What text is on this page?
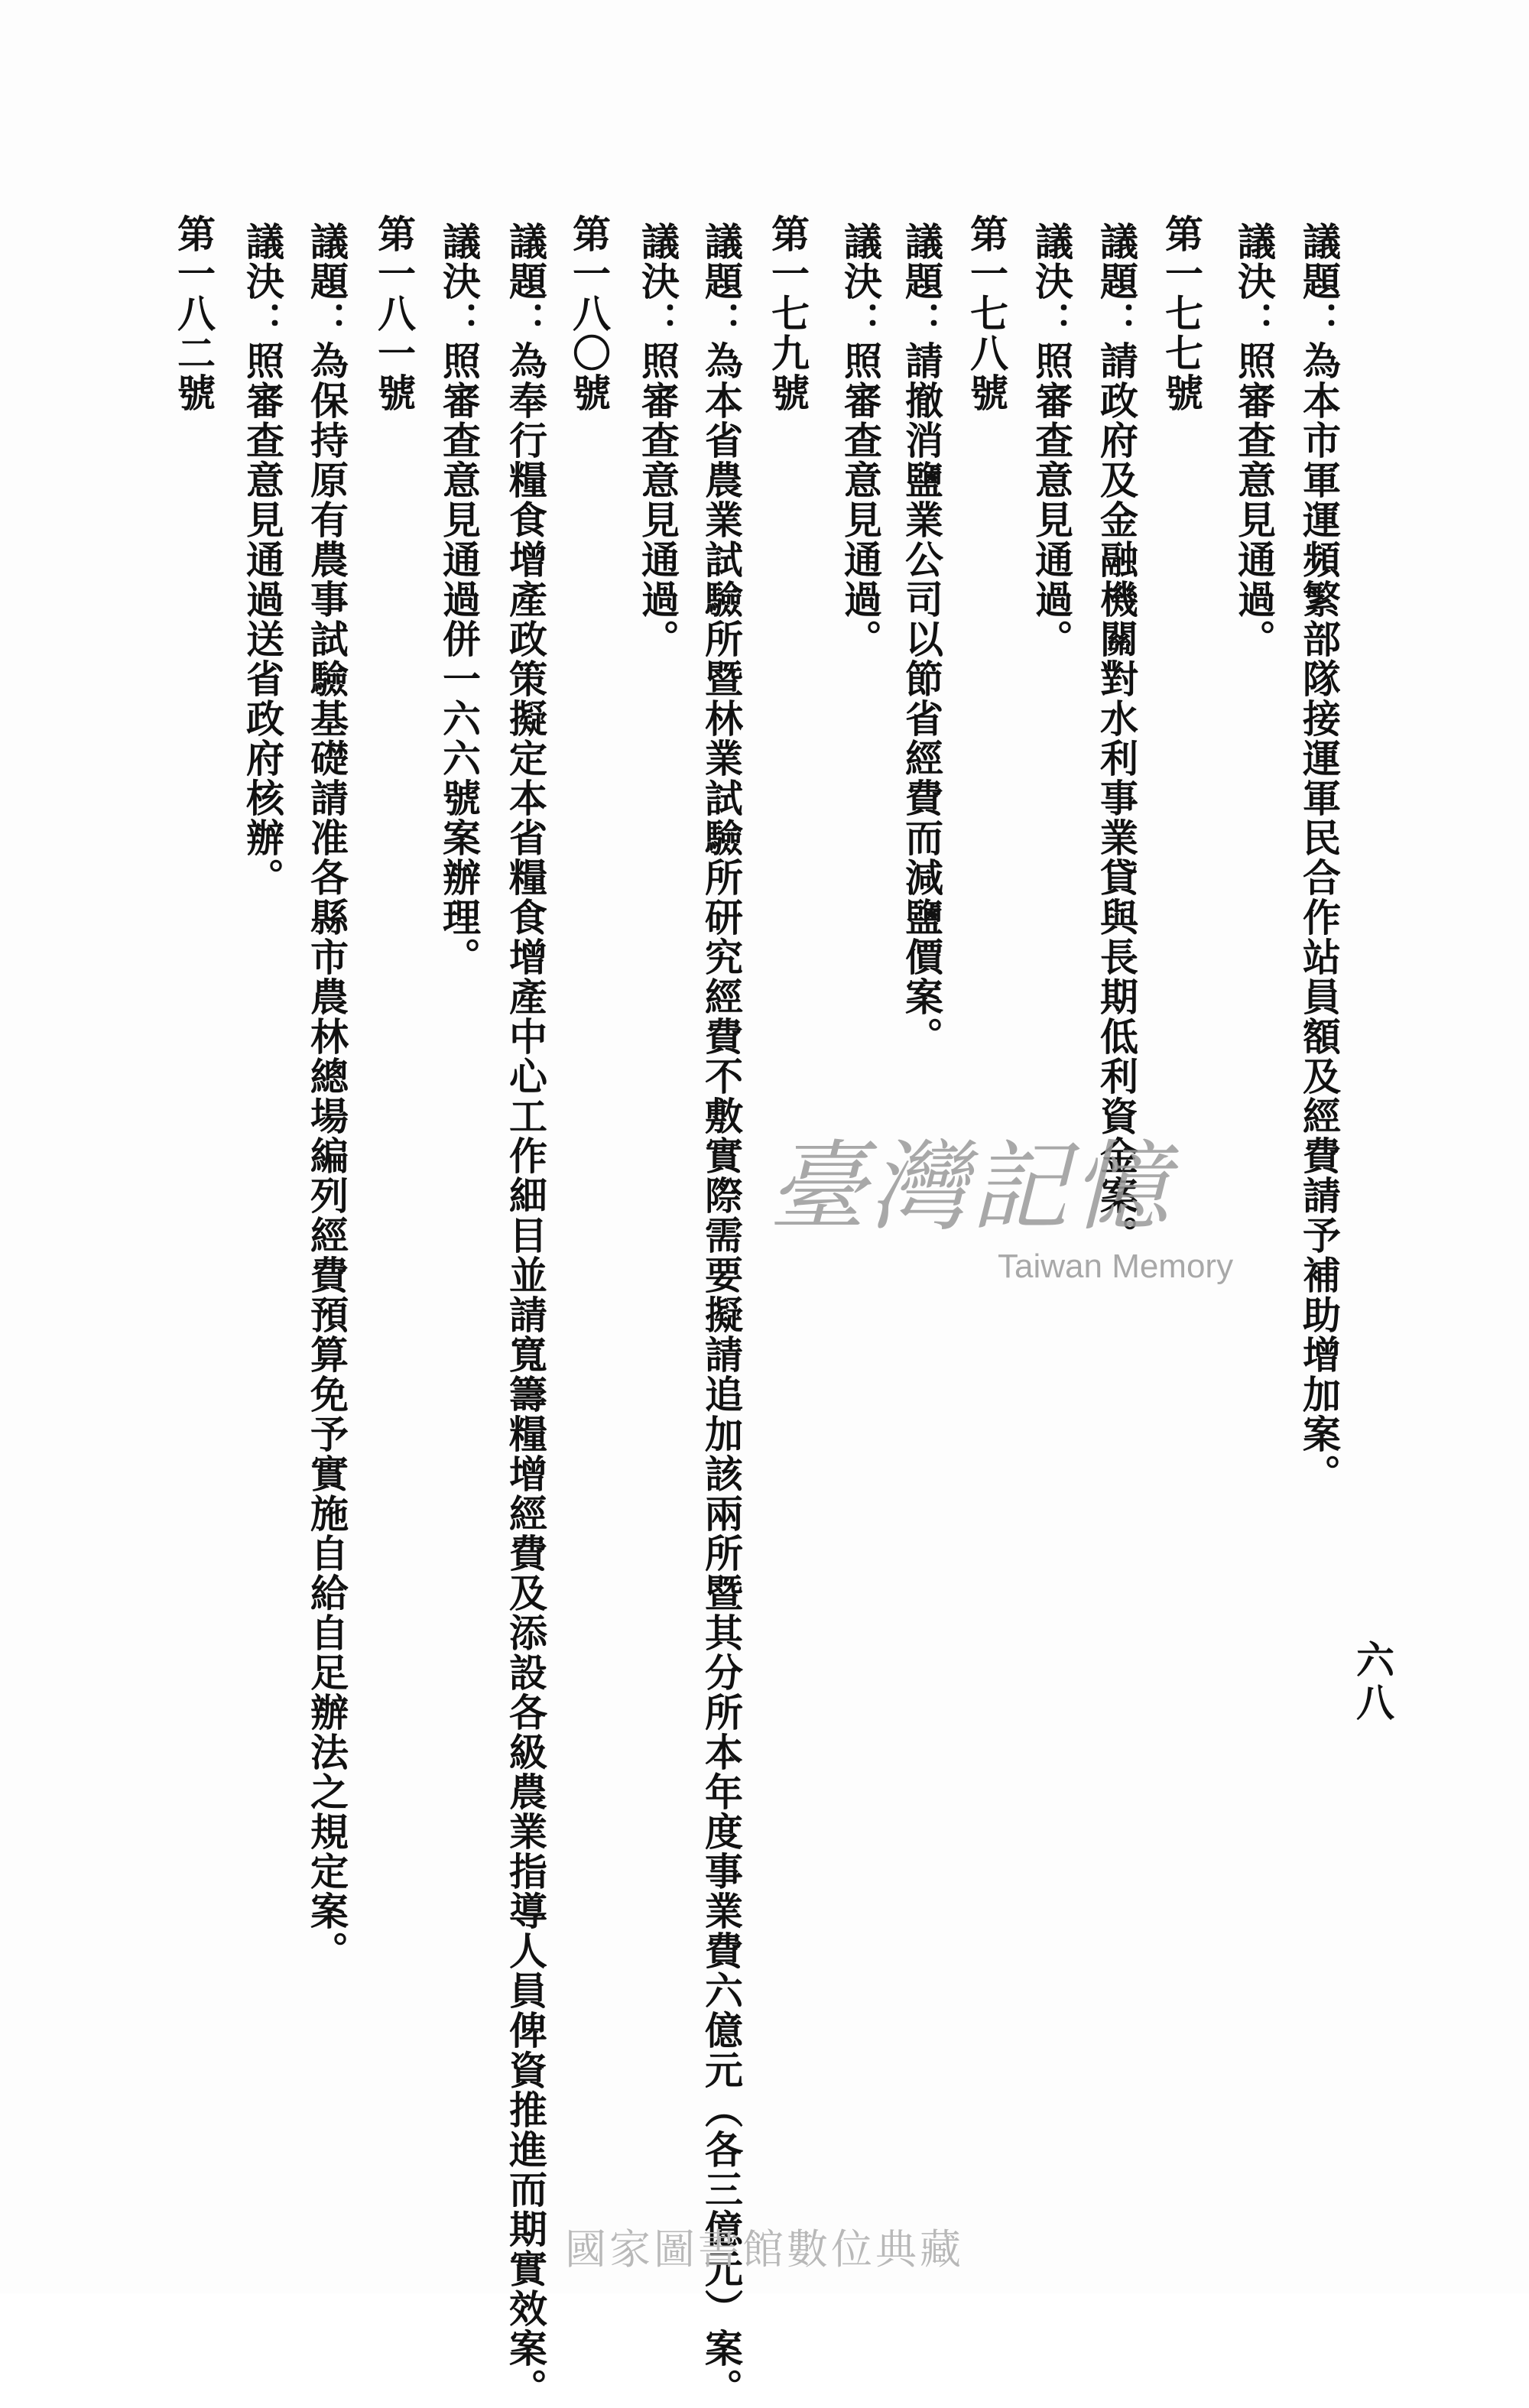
六八
議題：為本市軍運頻繁部隊接運軍民合作站員額及經費請予補助增加案。
議決：照審查意見通過。
第一七七號
議題：請政府及金融機關對水利事業貸與長期低利資金案。
議決：照審查意見通過。
第一七八號
議題：請撤消鹽業公司以節省經費而減鹽價案。
議決：照審查意見通過。
第一七九號
議題：為本省農業試驗所暨林業試驗所研究經費不敷實際需要擬請追加該兩所暨其分所本年度事業費六億元（各三億元）案。
議決：照審查意見通過。
第一八〇號
議題：為奉行糧食增產政策擬定本省糧食增產中心工作細目並請寬籌糧增經費及添設各級農業指導人員俾資推進而期實效案。
議決：照審查意見通過併一六六號案辦理。
第一八一號
議題：為保持原有農事試驗基礎請准各縣市農林總場編列經費預算免予實施自給自足辦法之規定案。
議決：照審查意見通過送省政府核辦。
第一八二號
臺灣記憶
Taiwan Memory
國家圖書館數位典藏
